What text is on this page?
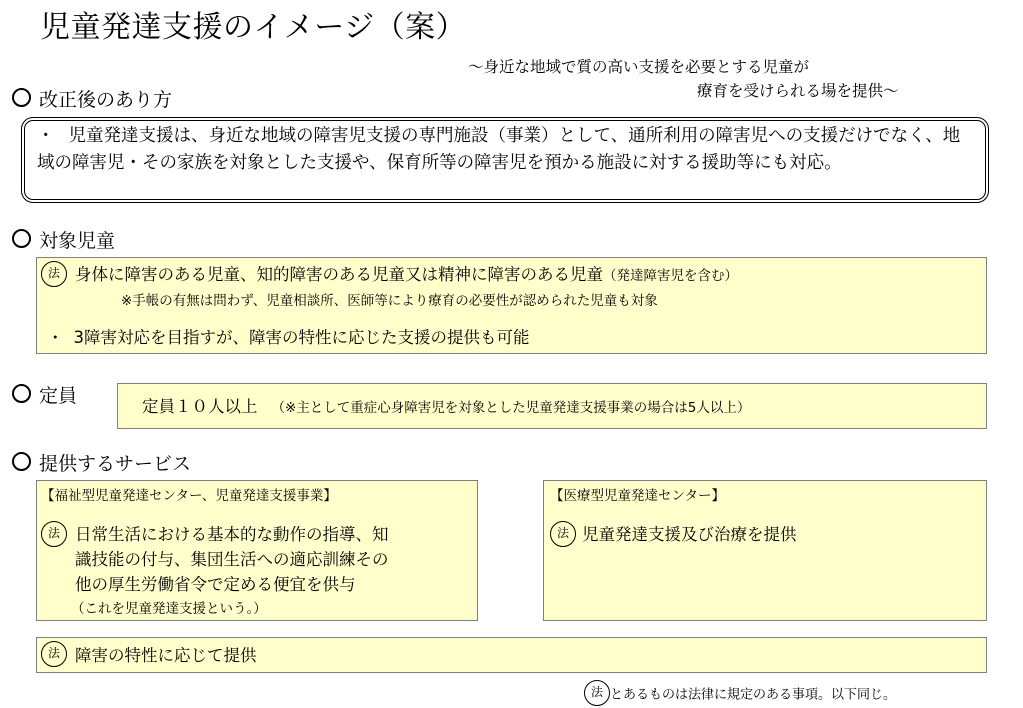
児童発達支援のイメージ（案）
～身近な地域で質の高い支援を必要とする児童が
療育を受けられる場を提供～
改正後のあり方
・ 児童発達支援は、身近な地域の障害児支援の専門施設（事業）として、通所利用の障害児への支援だけでなく、地域の障害児・その家族を対象とした支援や、保育所等の障害児を預かる施設に対する援助等にも対応。
対象児童
法 身体に障害のある児童、知的障害のある児童又は精神に障害のある児童（発達障害児を含む）
※手帳の有無は問わず、児童相談所、医師等により療育の必要性が認められた児童も対象
・ 3障害対応を目指すが、障害の特性に応じた支援の提供も可能
定員	定員１０人以上 （※主として重症心身障害児を対象とした児童発達支援事業の場合は5人以上）
提供するサービス
【福祉型児童発達センター、児童発達支援事業】
法 日常生活における基本的な動作の指導、知
識技能の付与、集団生活への適応訓練その
他の厚生労働省令で定める便宜を供与
（これを児童発達支援という。）
【医療型児童発達センター】
法 児童発達支援及び治療を提供
法 障害の特性に応じて提供
法 とあるものは法律に規定のある事項。以下同じ。
